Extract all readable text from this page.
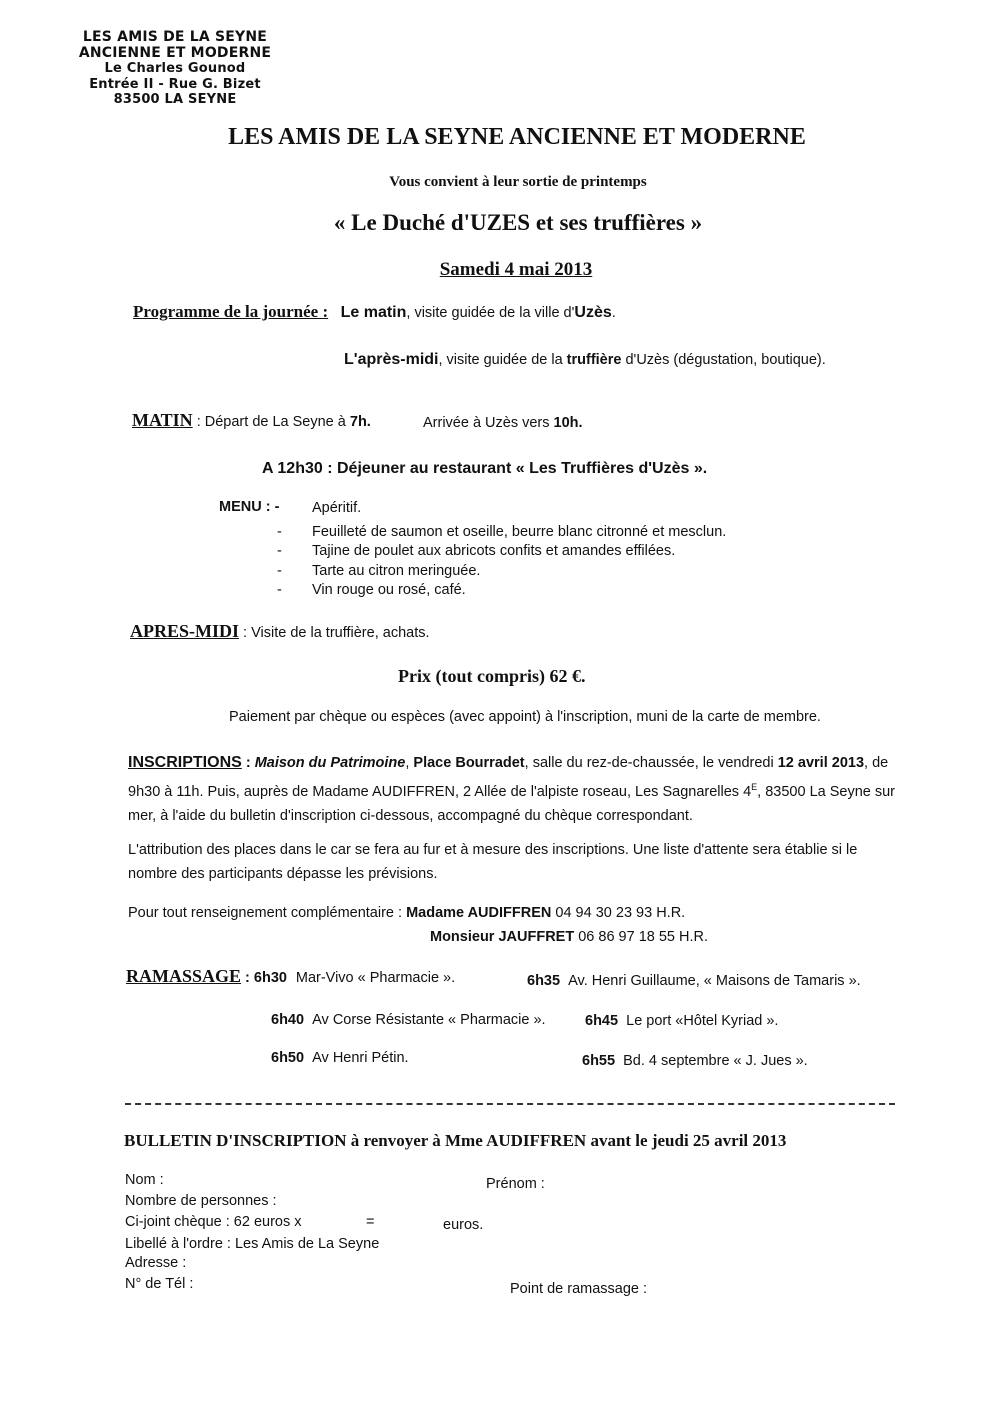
LES AMIS DE LA SEYNE
ANCIENNE ET MODERNE
Le Charles Gounod
Entrée II - Rue G. Bizet
83500 LA SEYNE
LES AMIS DE LA SEYNE ANCIENNE ET MODERNE
Vous convient à leur sortie de printemps
« Le Duché d'UZES et ses truffières »
Samedi 4 mai 2013
Programme de la journée : Le matin, visite guidée de la ville d'Uzès.
L'après-midi, visite guidée de la truffière d'Uzès (dégustation, boutique).
MATIN : Départ de La Seyne à 7h.	Arrivée à Uzès vers 10h.
A 12h30 : Déjeuner au restaurant « Les Truffières d'Uzès ».
MENU : - Apéritif.
- Feuilleté de saumon et oseille, beurre blanc citronné et mesclun.
- Tajine de poulet aux abricots confits et amandes effilées.
- Tarte au citron meringuée.
- Vin rouge ou rosé, café.
APRES-MIDI : Visite de la truffière, achats.
Prix (tout compris) 62 €.
Paiement par chèque ou espèces (avec appoint) à l'inscription, muni de la carte de membre.
INSCRIPTIONS : Maison du Patrimoine, Place Bourradet, salle du rez-de-chaussée, le vendredi 12 avril 2013, de 9h30 à 11h. Puis, auprès de Madame AUDIFFREN, 2 Allée de l'alpiste roseau, Les Sagnarelles $4^E$, 83500 La Seyne sur mer, à l'aide du bulletin d'inscription ci-dessous, accompagné du chèque correspondant.
L'attribution des places dans le car se fera au fur et à mesure des inscriptions. Une liste d'attente sera établie si le nombre des participants dépasse les prévisions.
Pour tout renseignement complémentaire : Madame AUDIFFREN 04 94 30 23 93 H.R.
Monsieur JAUFFRET 06 86 97 18 55 H.R.
RAMASSAGE : 6h30 Mar-Vivo « Pharmacie ».	6h35 Av. Henri Guillaume, « Maisons de Tamaris ».
6h40 Av Corse Résistante « Pharmacie ».	6h45 Le port «Hôtel Kyriad ».
6h50 Av Henri Pétin.	6h55 Bd. 4 septembre « J. Jues ».
BULLETIN D'INSCRIPTION à renvoyer à Mme AUDIFFREN avant le jeudi 25 avril 2013
Nom :	Prénom :
Nombre de personnes :
Ci-joint chèque : 62 euros x	=	euros.
Libellé à l'ordre : Les Amis de La Seyne
Adresse :
N° de Tél :	Point de ramassage :
